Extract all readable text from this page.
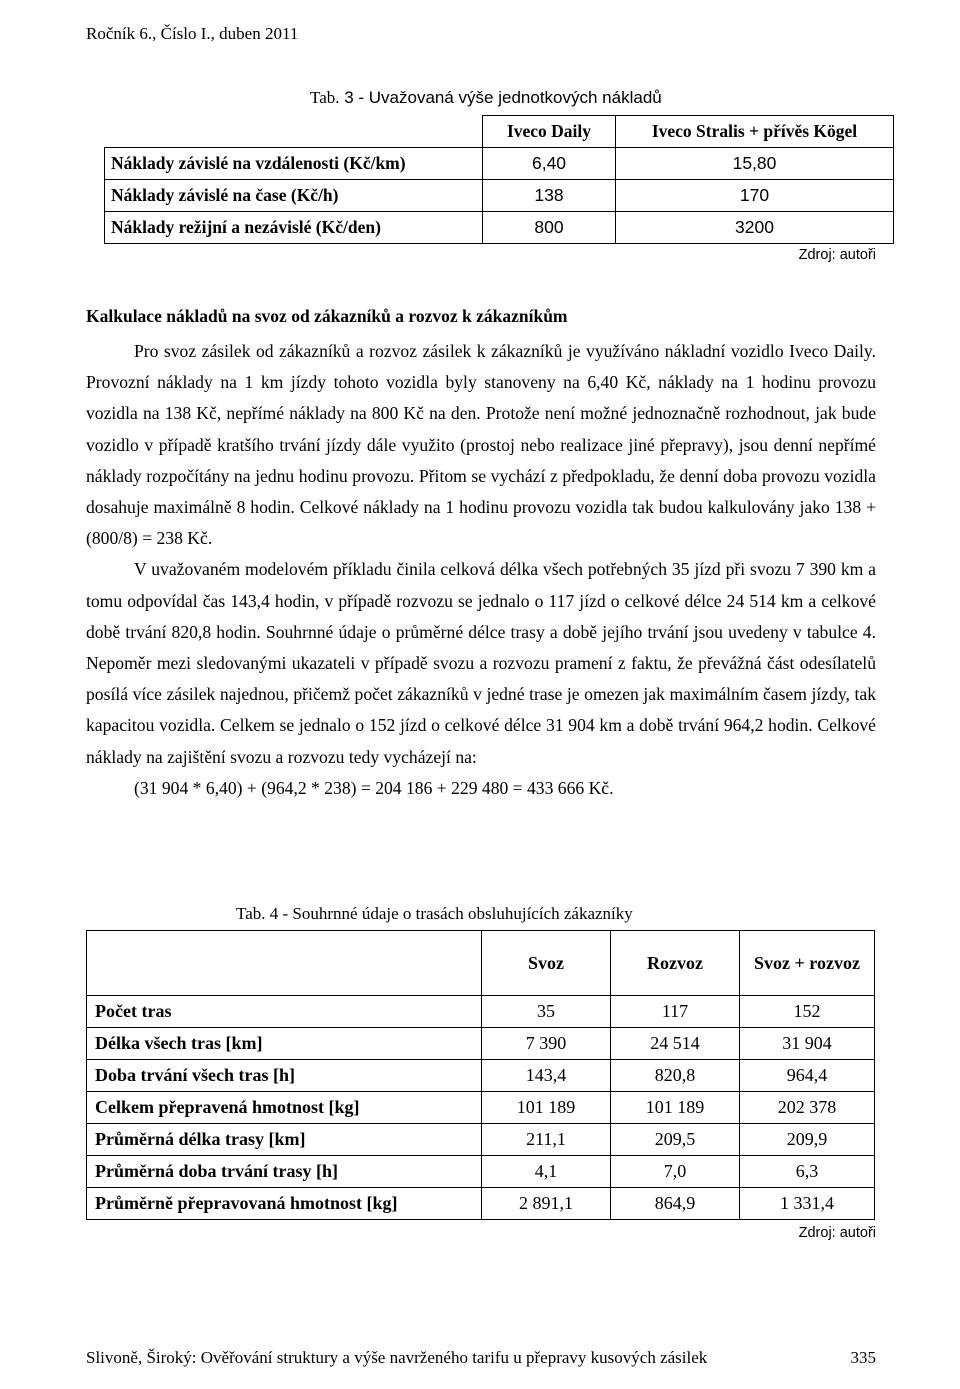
Ročník 6., Číslo I., duben 2011
Tab. 3 - Uvažovaná výše jednotkových nákladů
	Iveco Daily	Iveco Stralis + přívěs Kögel
Náklady závislé na vzdálenosti (Kč/km)	6,40	15,80
Náklady závislé na čase (Kč/h)	138	170
Náklady režijní a nezávislé (Kč/den)	800	3200
Zdroj: autoři
Kalkulace nákladů na svoz od zákazníků a rozvoz k zákazníkům

Pro svoz zásilek od zákazníků a rozvoz zásilek k zákazníků je využíváno nákladní vozidlo Iveco Daily. Provozní náklady na 1 km jízdy tohoto vozidla byly stanoveny na 6,40 Kč, náklady na 1 hodinu provozu vozidla na 138 Kč, nepřímé náklady na 800 Kč na den. Protože není možné jednoznačně rozhodnout, jak bude vozidlo v případě kratšího trvání jízdy dále využito (prostoj nebo realizace jiné přepravy), jsou denní nepřímé náklady rozpočítány na jednu hodinu provozu. Přitom se vychází z předpokladu, že denní doba provozu vozidla dosahuje maximálně 8 hodin. Celkové náklady na 1 hodinu provozu vozidla tak budou kalkulovány jako 138 + (800/8) = 238 Kč.

V uvažovaném modelovém příkladu činila celková délka všech potřebných 35 jízd při svozu 7 390 km a tomu odpovídal čas 143,4 hodin, v případě rozvozu se jednalo o 117 jízd o celkové délce 24 514 km a celkové době trvání 820,8 hodin. Souhrnné údaje o průměrné délce trasy a době jejího trvání jsou uvedeny v tabulce 4. Nepoměr mezi sledovanými ukazateli v případě svozu a rozvozu pramení z faktu, že převážná část odesílatelů posílá více zásilek najednou, přičemž počet zákazníků v jedné trase je omezen jak maximálním časem jízdy, tak kapacitou vozidla. Celkem se jednalo o 152 jízd o celkové délce 31 904 km a době trvání 964,2 hodin. Celkové náklady na zajištění svozu a rozvozu tedy vycházejí na:

(31 904 * 6,40) + (964,2 * 238) = 204 186 + 229 480 = 433 666 Kč.

Tab. 4 - Souhrnné údaje o trasách obsluhujících zákazníky
	Svoz	Rozvoz	Svoz + rozvoz
Počet tras	35	117	152
Délka všech tras [km]	7 390	24 514	31 904
Doba trvání všech tras [h]	143,4	820,8	964,4
Celkem přepravená hmotnost [kg]	101 189	101 189	202 378
Průměrná délka trasy [km]	211,1	209,5	209,9
Průměrná doba trvání trasy [h]	4,1	7,0	6,3
Průměrně přepravovaná hmotnost [kg]	2 891,1	864,9	1 331,4
Zdroj: autoři
Slivoně, Široký: Ověřování struktury a výše navrženého tarifu u přepravy kusových zásilek	335
